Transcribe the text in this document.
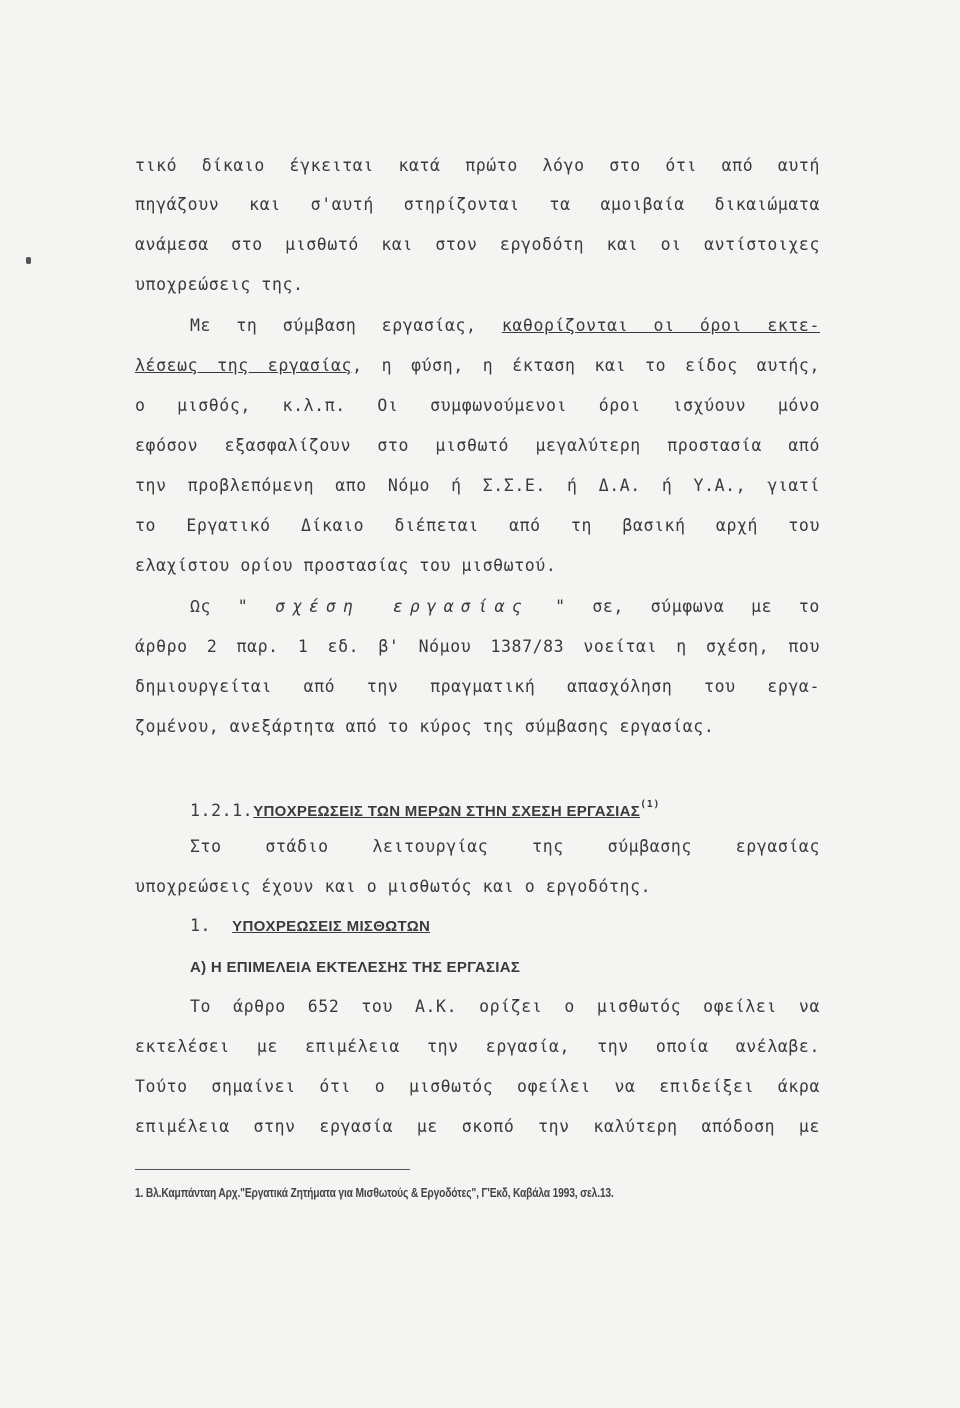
τικό δίκαιο έγκειται κατά πρώτο λόγο στο ότι από αυτή
πηγάζουν και σ'αυτή στηρίζονται τα αμοιβαία δικαιώματα
ανάμεσα στο μισθωτό και στον εργοδότη και οι αντίστοιχες
υποχρεώσεις της.
Με τη σύμβαση εργασίας, καθορίζονται οι όροι εκτε-
λέσεως της εργασίας, η φύση, η έκταση και το είδος αυτής,
ο μισθός, κ.λ.π. Οι συμφωνούμενοι όροι ισχύουν μόνο
εφόσον εξασφαλίζουν στο μισθωτό μεγαλύτερη προστασία από
την προβλεπόμενη απο Νόμο ή Σ.Σ.Ε. ή Δ.Α. ή Υ.Α., γιατί
το Εργατικό Δίκαιο διέπεται από τη βασική αρχή του
ελαχίστου ορίου προστασίας του μισθωτού.
Ως " σχέση εργασίας " σε, σύμφωνα με το
άρθρο 2 παρ. 1 εδ. β' Νόμου 1387/83 νοείται η σχέση, που
δημιουργείται από την πραγματική απασχόληση του εργα-
ζομένου, ανεξάρτητα από το κύρος της σύμβασης εργασίας.
1.2.1.ΥΠΟΧΡΕΩΣΕΙΣ ΤΩΝ ΜΕΡΩΝ ΣΤΗΝ ΣΧΕΣΗ ΕΡΓΑΣΙΑΣ$^{(1)}$
Στο στάδιο λειτουργίας της σύμβασης εργασίας
υποχρεώσεις έχουν και ο μισθωτός και ο εργοδότης.
1. ΥΠΟΧΡΕΩΣΕΙΣ ΜΙΣΘΩΤΩΝ
Α) Η ΕΠΙΜΕΛΕΙΑ ΕΚΤΕΛΕΣΗΣ ΤΗΣ ΕΡΓΑΣΙΑΣ
Το άρθρο 652 του Α.Κ. ορίζει ο μισθωτός οφείλει να
εκτελέσει με επιμέλεια την εργασία, την οποία ανέλαβε.
Τούτο σημαίνει ότι ο μισθωτός οφείλει να επιδείξει άκρα
επιμέλεια στην εργασία με σκοπό την καλύτερη απόδοση με
1. Βλ.Καμπάνταη Αρχ."Εργατικά Ζητήματα για Μισθωτούς & Εργοδότες", Γ'Εκδ, Καβάλα 1993, σελ.13.
